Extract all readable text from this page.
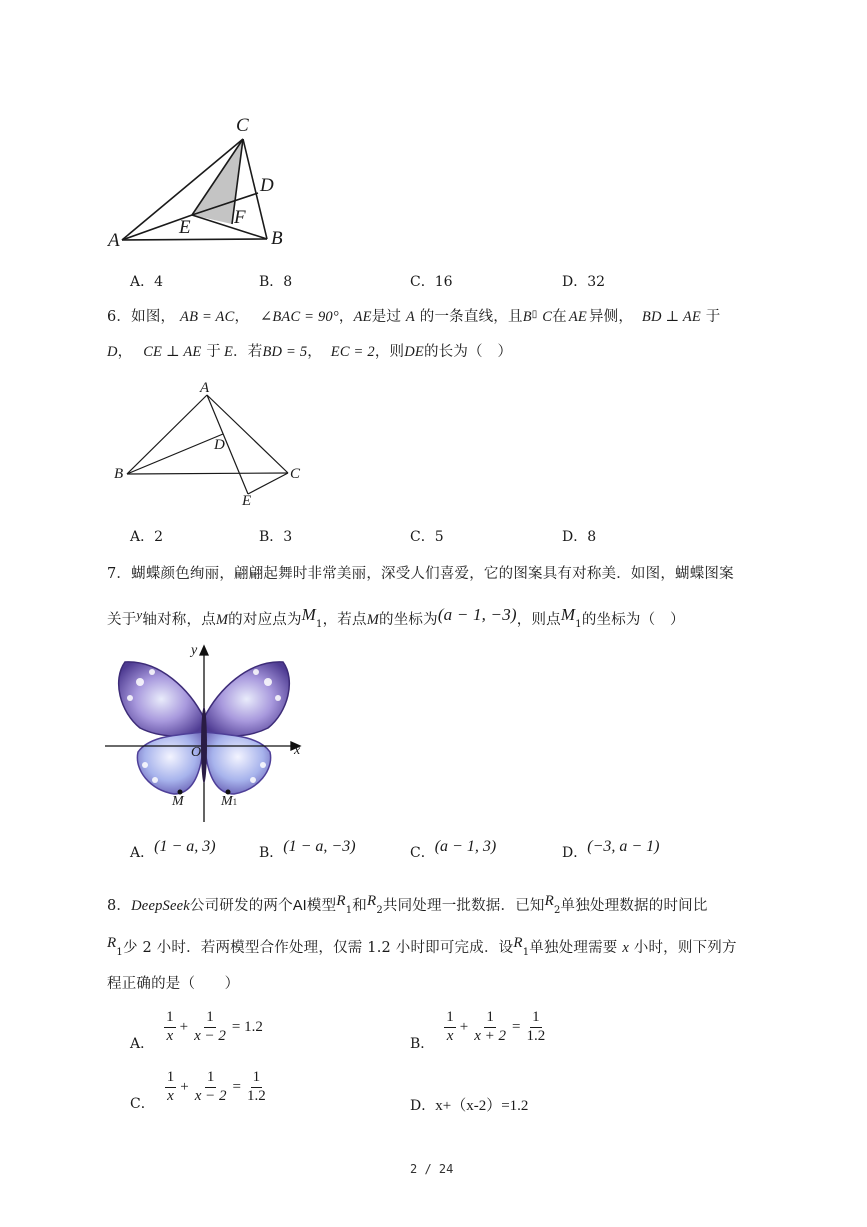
C
D
F
E
A	B
A．4	B．8	C．16	D．32
6．如图， AB = AC， ∠BAC = 90°，AE是过 A 的一条直线，且B▯ C在 AE 异侧， BD ⊥ AE 于
D， CE ⊥ AE 于 E．若BD = 5， EC = 2，则DE的长为（　）
A
D
B	C
E
A．2	B．3	C．5	D．8
7．蝴蝶颜色绚丽，翩翩起舞时非常美丽，深受人们喜爱，它的图案具有对称美．如图，蝴蝶图案
关于y轴对称，点M的对应点为$M_1$，若点M的坐标为(a − 1, −3)，则点$M_1$的坐标为（　）
y
x
O
M	M1
A．(1 − a, 3)	B．(1 − a, −3)	C．(a − 1, 3)	D．(−3, a − 1)
8．DeepSeek公司研发的两个AI模型$R_1$和$R_2$共同处理一批数据．已知$R_2$单独处理数据的时间比
$R_1$少 2 小时．若两模型合作处理，仅需 1.2 小时即可完成．设$R_1$单独处理需要 x 小时，则下列方
程正确的是（　　）
A． $\frac{1}{x} + \frac{1}{x - 2} = 1.2$
B． $\frac{1}{x} + \frac{1}{x + 2} = \frac{1}{1.2}$
C． $\frac{1}{x} + \frac{1}{x - 2} = \frac{1}{1.2}$
D．x+（x-2）=1.2
2 / 24
